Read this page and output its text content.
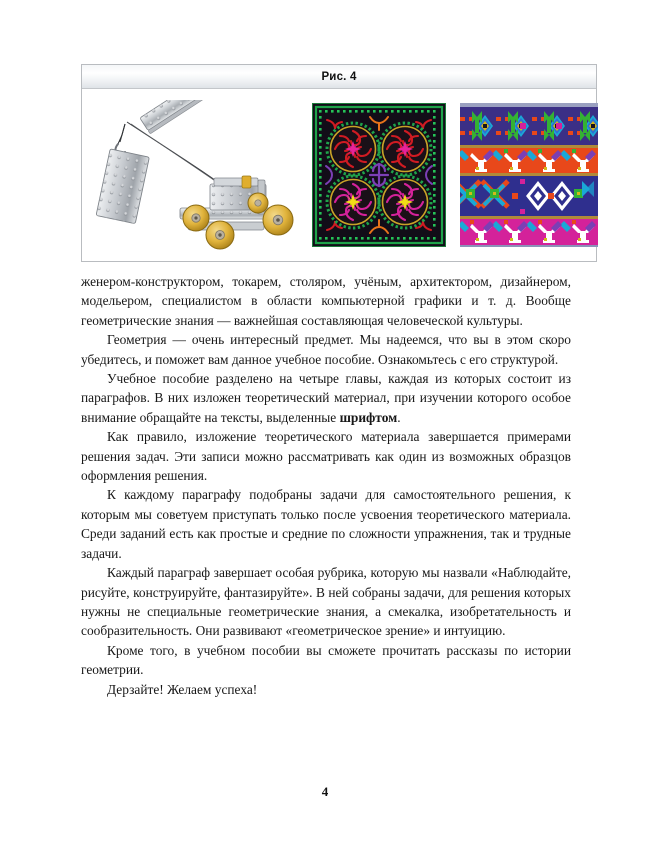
Рис. 4

женером-конструктором, токарем, столяром, учёным, архитектором, дизайнером, модельером, специалистом в области компьютерной графики и т. д. Вообще геометрические знания — важнейшая составляющая человеческой культуры.

Геометрия — очень интересный предмет. Мы надеемся, что вы в этом скоро убедитесь, и поможет вам данное учебное пособие. Ознакомьтесь с его структурой.

Учебное пособие разделено на четыре главы, каждая из которых состоит из параграфов. В них изложен теоретический материал, при изучении которого особое внимание обращайте на тексты, выделенные шрифтом.

Как правило, изложение теоретического материала завершается примерами решения задач. Эти записи можно рассматривать как один из возможных образцов оформления решения.

К каждому параграфу подобраны задачи для самостоятельного решения, к которым мы советуем приступать только после усвоения теоретического материала. Среди заданий есть как простые и средние по сложности упражнения, так и трудные задачи.

Каждый параграф завершает особая рубрика, которую мы назвали «Наблюдайте, рисуйте, конструируйте, фантазируйте». В ней собраны задачи, для решения которых нужны не специальные геометрические знания, а смекалка, изобретательность и сообразительность. Они развивают «геометрическое зрение» и интуицию.

Кроме того, в учебном пособии вы сможете прочитать рассказы по истории геометрии.

Дерзайте! Желаем успеха!

4
